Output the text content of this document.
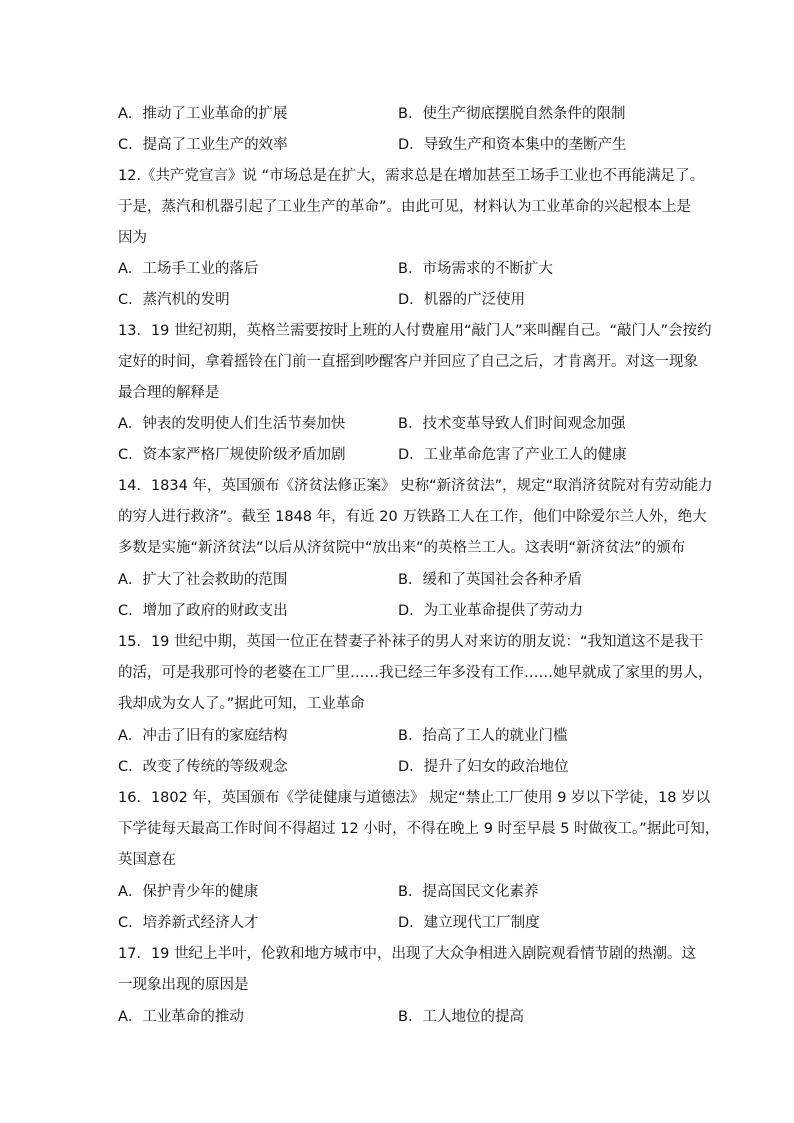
A．推动了工业革命的扩展	B．使生产彻底摆脱自然条件的限制
C．提高了工业生产的效率	D．导致生产和资本集中的垄断产生
12.《共产党宣言》说 “市场总是在扩大，需求总是在增加甚至工场手工业也不再能满足了。
于是，蒸汽和机器引起了工业生产的革命”。由此可见，材料认为工业革命的兴起根本上是
因为
A．工场手工业的落后	B．市场需求的不断扩大
C．蒸汽机的发明	D．机器的广泛使用
13．19 世纪初期，英格兰需要按时上班的人付费雇用“敲门人”来叫醒自己。“敲门人”会按约
定好的时间，拿着摇铃在门前一直摇到吵醒客户并回应了自己之后，才肯离开。对这一现象
最合理的解释是
A．钟表的发明使人们生活节奏加快	B．技术变革导致人们时间观念加强
C．资本家严格厂规使阶级矛盾加剧	D．工业革命危害了产业工人的健康
14．1834 年，英国颁布《济贫法修正案》 史称“新济贫法”，规定“取消济贫院对有劳动能力
的穷人进行救济”。截至 1848 年，有近 20 万铁路工人在工作，他们中除爱尔兰人外，绝大
多数是实施“新济贫法”以后从济贫院中“放出来”的英格兰工人。这表明“新济贫法”的颁布
A．扩大了社会救助的范围	B．缓和了英国社会各种矛盾
C．增加了政府的财政支出	D．为工业革命提供了劳动力
15．19 世纪中期，英国一位正在替妻子补袜子的男人对来访的朋友说：“我知道这不是我干
的活，可是我那可怜的老婆在工厂里……我已经三年多没有工作……她早就成了家里的男人，
我却成为女人了。”据此可知，工业革命
A．冲击了旧有的家庭结构	B．抬高了工人的就业门槛
C．改变了传统的等级观念	D．提升了妇女的政治地位
16．1802 年，英国颁布《学徒健康与道德法》 规定“禁止工厂使用 9 岁以下学徒，18 岁以
下学徒每天最高工作时间不得超过 12 小时，不得在晚上 9 时至早晨 5 时做夜工。”据此可知，
英国意在
A．保护青少年的健康	B．提高国民文化素养
C．培养新式经济人才	D．建立现代工厂制度
17．19 世纪上半叶，伦敦和地方城市中，出现了大众争相进入剧院观看情节剧的热潮。这
一现象出现的原因是
A．工业革命的推动	B．工人地位的提高
